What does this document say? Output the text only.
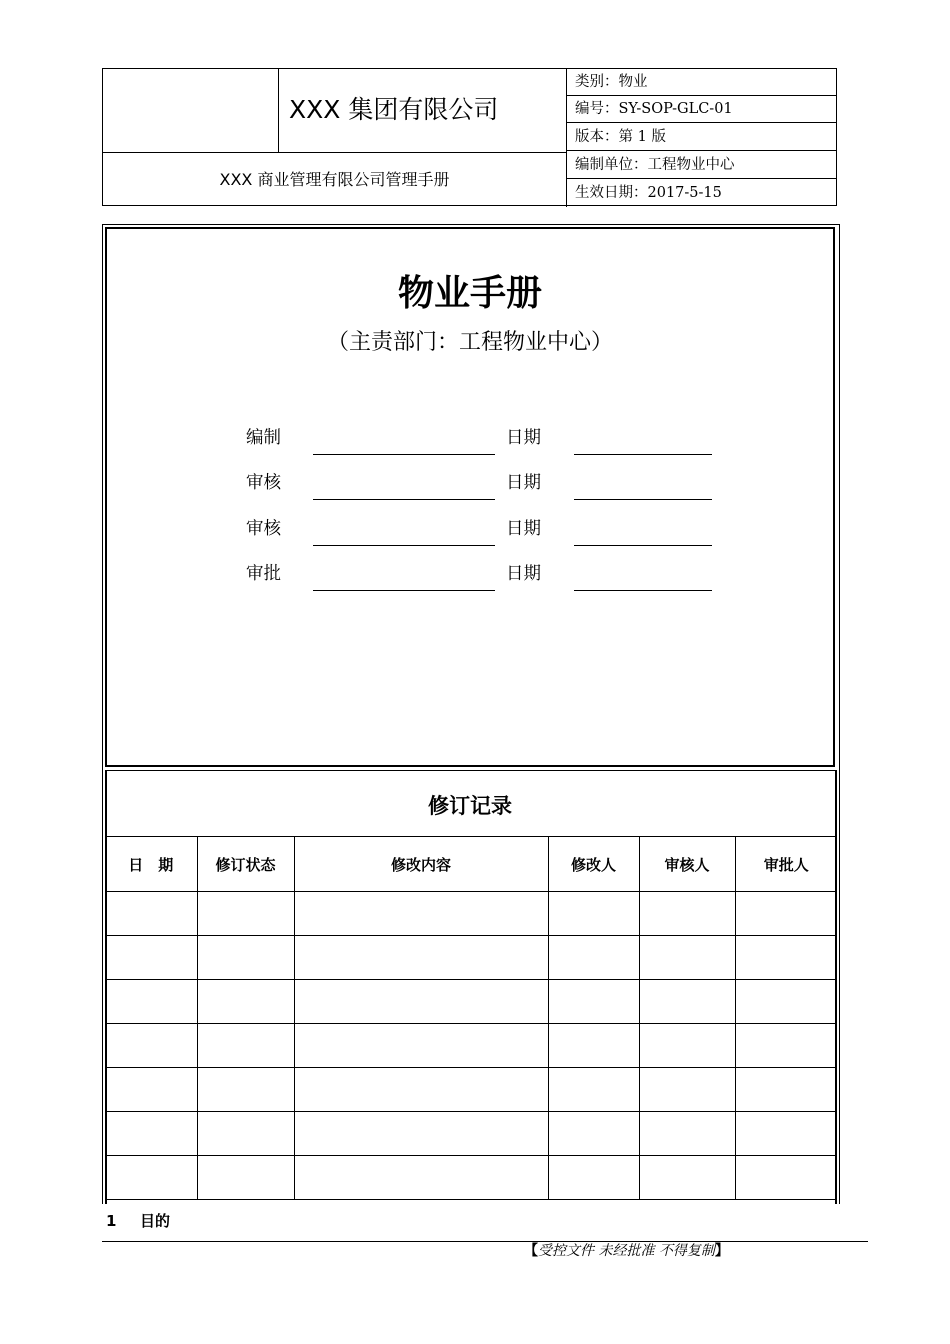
XXX 集团有限公司
XXX 商业管理有限公司管理手册
类别：物业
编号：SY-SOP-GLC-01
版本：第 1 版
编制单位：工程物业中心
生效日期：2017-5-15
物业手册
（主责部门：工程物业中心）
编制	日期
审核	日期
审核	日期
审批	日期
修订记录
日　期	修订状态	修改内容	修改人	审核人	审批人

1 目的
【受控文件 未经批准 不得复制】
